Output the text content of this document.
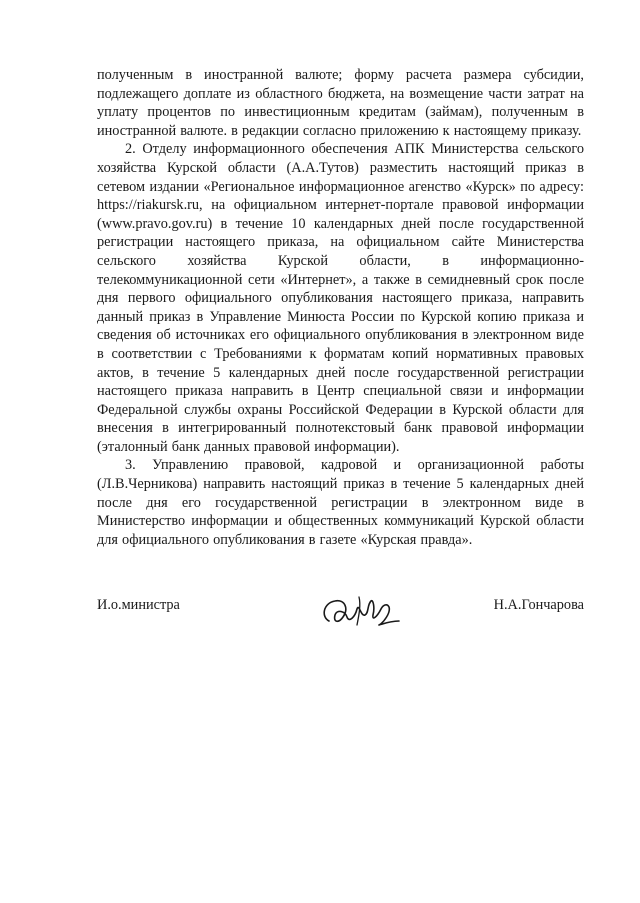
полученным в иностранной валюте; форму расчета размера субсидии, подлежащего доплате из областного бюджета, на возмещение части затрат на уплату процентов по инвестиционным кредитам (займам), полученным в иностранной валюте. в редакции согласно приложению к настоящему приказу.

2. Отделу информационного обеспечения АПК Министерства сельского хозяйства Курской области (А.А.Тутов) разместить настоящий приказ в сетевом издании «Региональное информационное агенство «Курск» по адресу: https://riakursk.ru, на официальном интернет-портале правовой информации (www.pravo.gov.ru) в течение 10 календарных дней после государственной регистрации настоящего приказа, на официальном сайте Министерства сельского хозяйства Курской области, в информационно-телекоммуникационной сети «Интернет», а также в семидневный срок после дня первого официального опубликования настоящего приказа, направить данный приказ в Управление Минюста России по Курской копию приказа и сведения об источниках его официального опубликования в электронном виде в соответствии с Требованиями к форматам копий нормативных правовых актов, в течение 5 календарных дней после государственной регистрации настоящего приказа направить в Центр специальной связи и информации Федеральной службы охраны Российской Федерации в Курской области для внесения в интегрированный полнотекстовый банк правовой информации (эталонный банк данных правовой информации).

3. Управлению правовой, кадровой и организационной работы (Л.В.Черникова) направить настоящий приказ в течение 5 календарных дней после дня его государственной регистрации в электронном виде в Министерство информации и общественных коммуникаций Курской области для официального опубликования в газете «Курская правда».

И.о.министра	Н.А.Гончарова
